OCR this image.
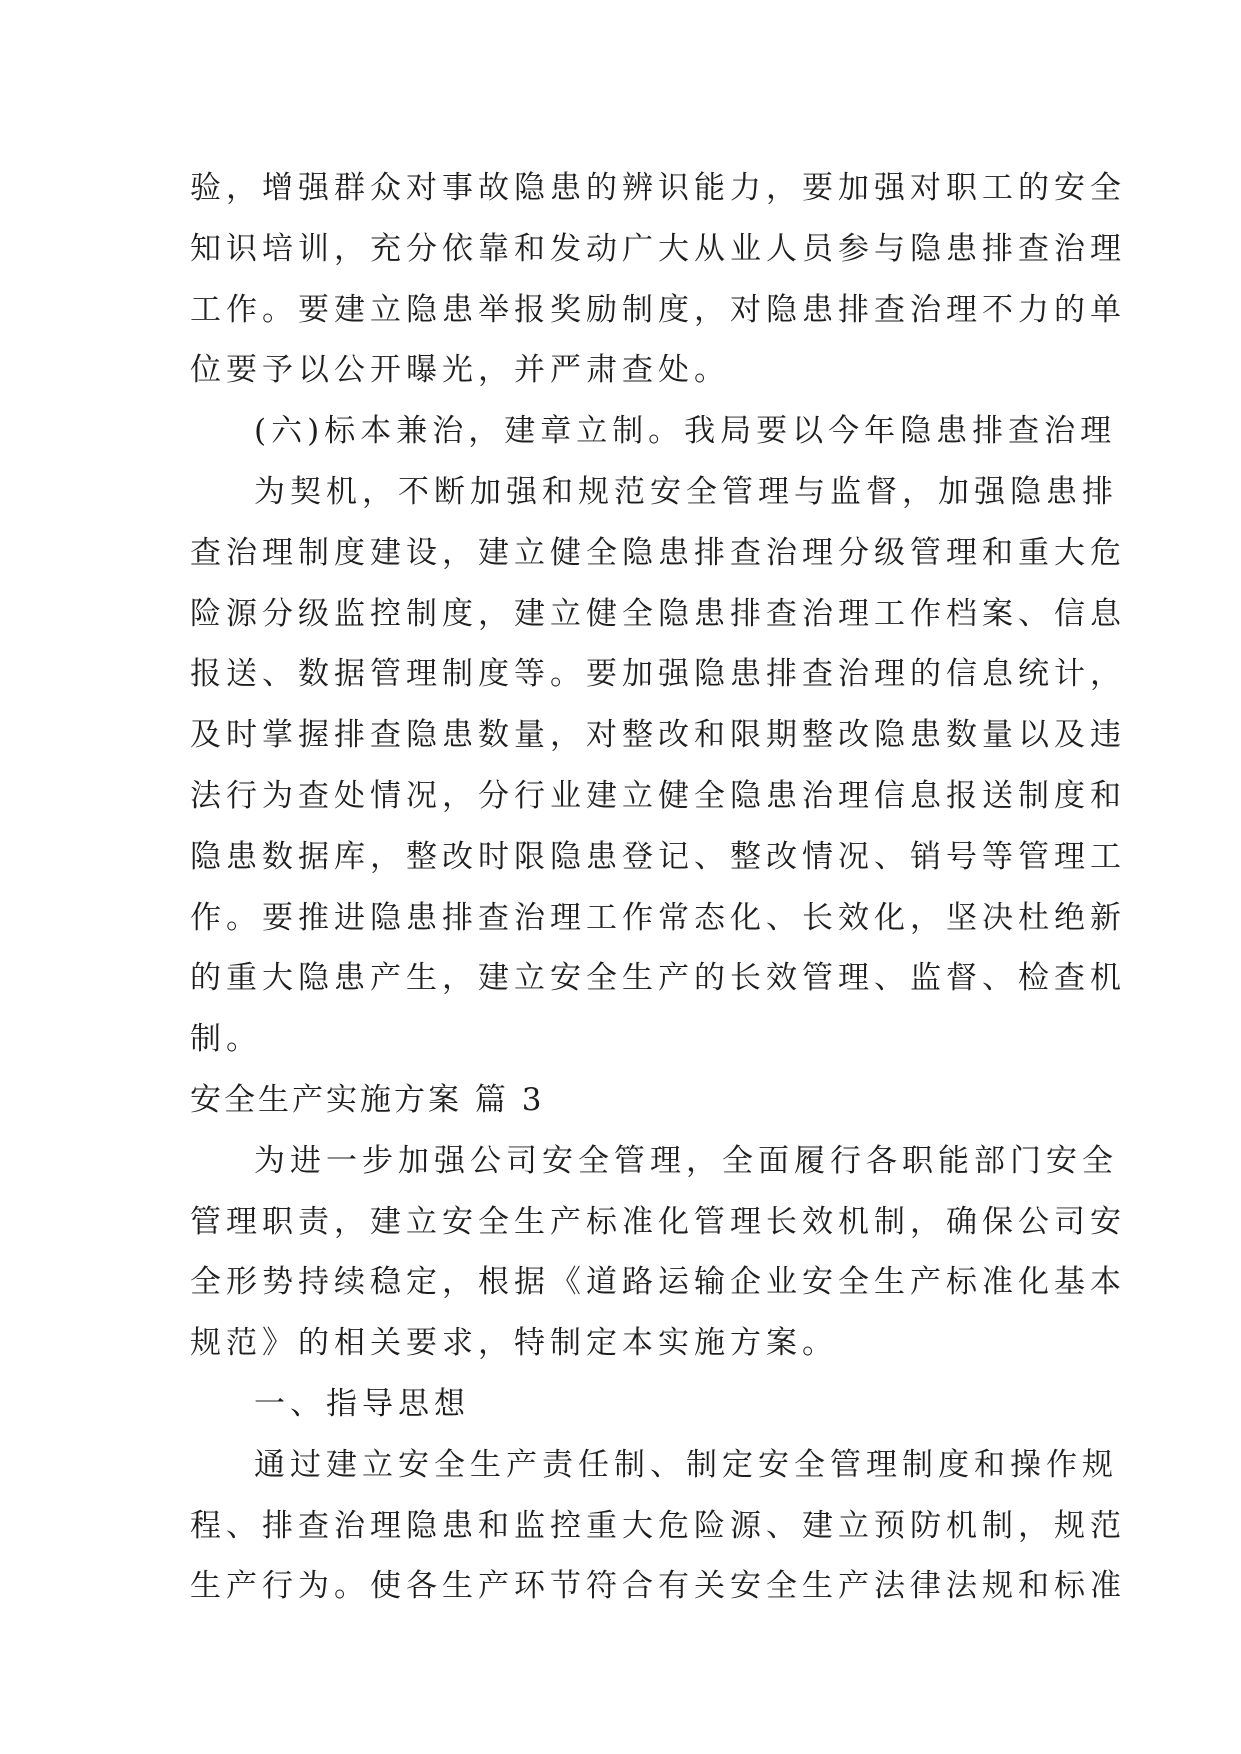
验，增强群众对事故隐患的辨识能力，要加强对职工的安全
知识培训，充分依靠和发动广大从业人员参与隐患排查治理
工作。要建立隐患举报奖励制度，对隐患排查治理不力的单
位要予以公开曝光，并严肃查处。
(六)标本兼治，建章立制。我局要以今年隐患排查治理
为契机，不断加强和规范安全管理与监督，加强隐患排
查治理制度建设，建立健全隐患排查治理分级管理和重大危
险源分级监控制度，建立健全隐患排查治理工作档案、信息
报送、数据管理制度等。要加强隐患排查治理的信息统计，
及时掌握排查隐患数量，对整改和限期整改隐患数量以及违
法行为查处情况，分行业建立健全隐患治理信息报送制度和
隐患数据库，整改时限隐患登记、整改情况、销号等管理工
作。要推进隐患排查治理工作常态化、长效化，坚决杜绝新
的重大隐患产生，建立安全生产的长效管理、监督、检查机
制。
安全生产实施方案 篇 3
为进一步加强公司安全管理，全面履行各职能部门安全
管理职责，建立安全生产标准化管理长效机制，确保公司安
全形势持续稳定，根据《道路运输企业安全生产标准化基本
规范》的相关要求，特制定本实施方案。
一、指导思想
通过建立安全生产责任制、制定安全管理制度和操作规
程、排查治理隐患和监控重大危险源、建立预防机制，规范
生产行为。使各生产环节符合有关安全生产法律法规和标准
